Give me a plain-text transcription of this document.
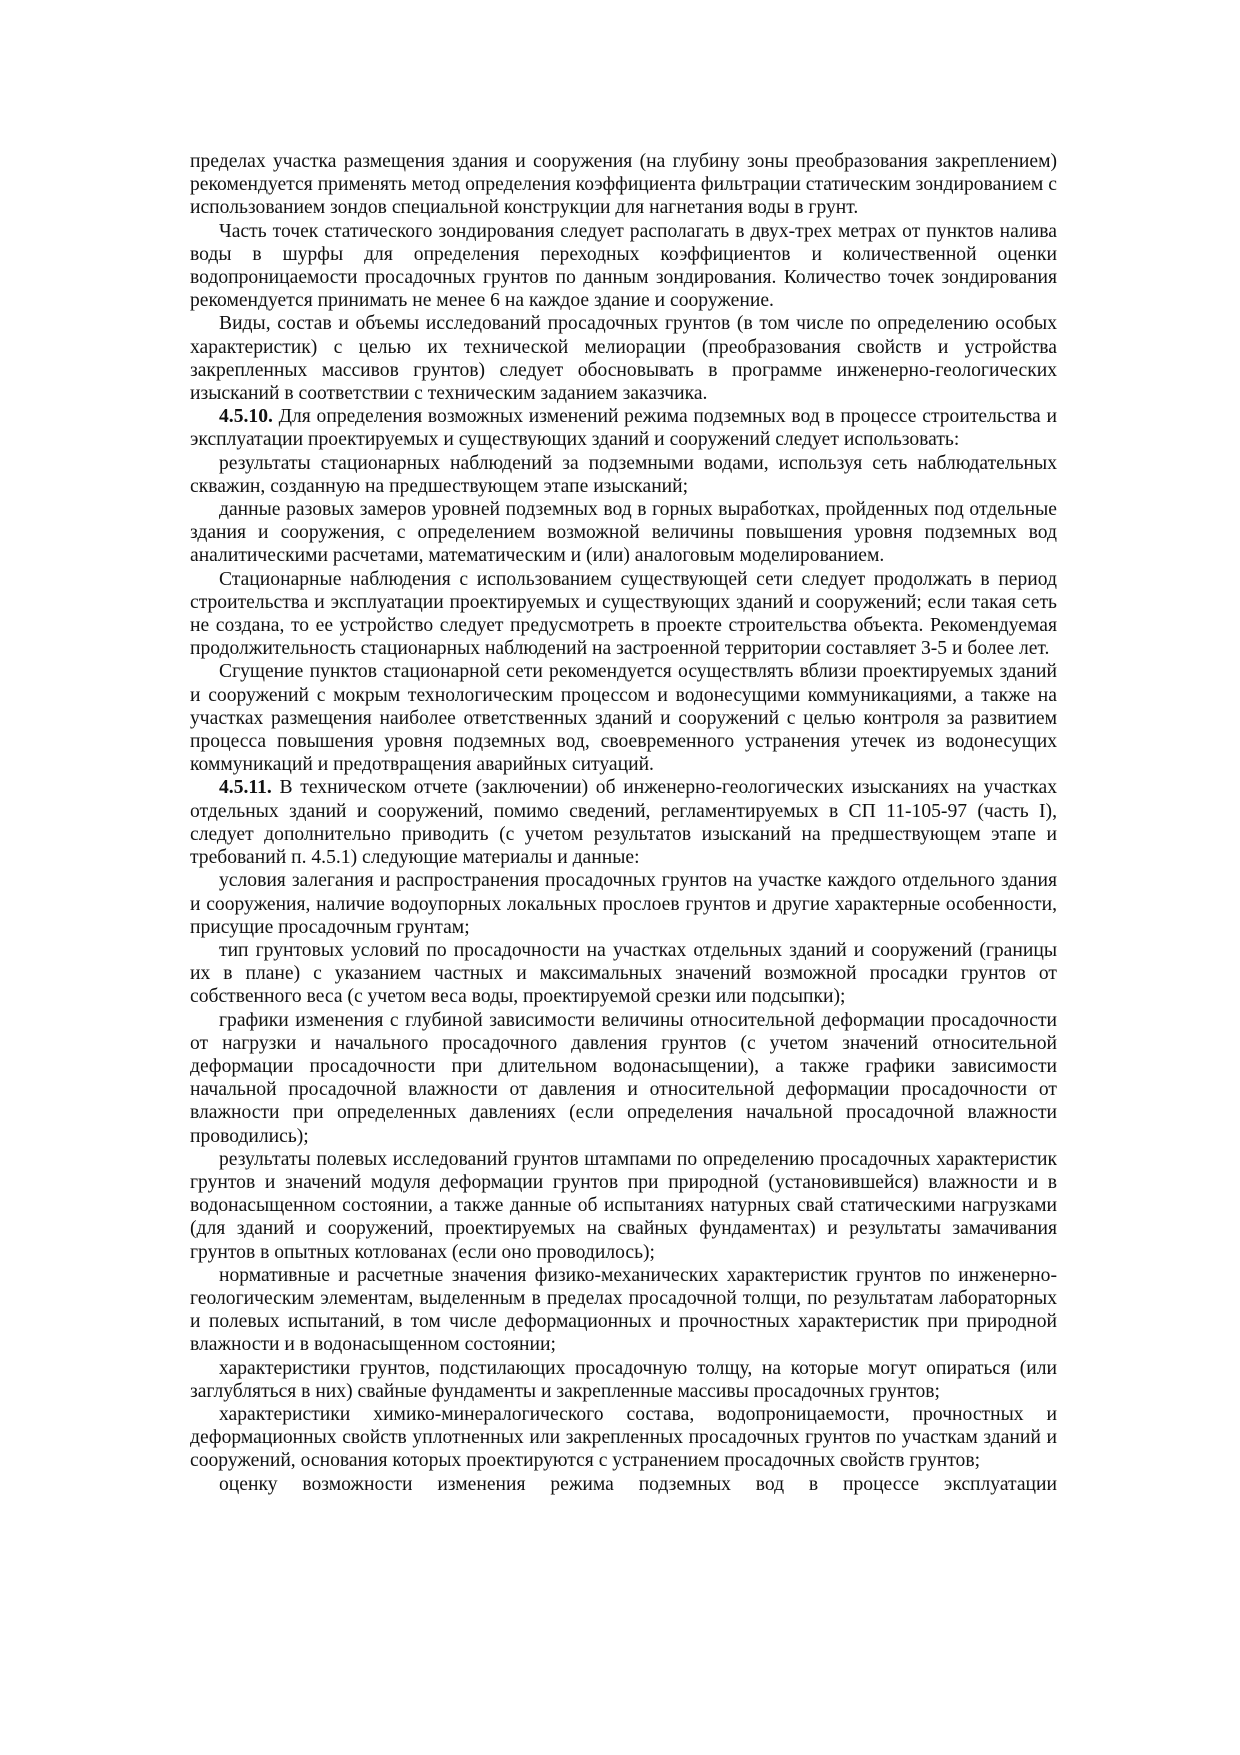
пределах участка размещения здания и сооружения (на глубину зоны преобразования закреплением) рекомендуется применять метод определения коэффициента фильтрации статическим зондированием с использованием зондов специальной конструкции для нагнетания воды в грунт.

Часть точек статического зондирования следует располагать в двух-трех метрах от пунктов налива воды в шурфы для определения переходных коэффициентов и количественной оценки водопроницаемости просадочных грунтов по данным зондирования. Количество точек зондирования рекомендуется принимать не менее 6 на каждое здание и сооружение.

Виды, состав и объемы исследований просадочных грунтов (в том числе по определению особых характеристик) с целью их технической мелиорации (преобразования свойств и устройства закрепленных массивов грунтов) следует обосновывать в программе инженерно-геологических изысканий в соответствии с техническим заданием заказчика.

4.5.10. Для определения возможных изменений режима подземных вод в процессе строительства и эксплуатации проектируемых и существующих зданий и сооружений следует использовать:

результаты стационарных наблюдений за подземными водами, используя сеть наблюдательных скважин, созданную на предшествующем этапе изысканий;

данные разовых замеров уровней подземных вод в горных выработках, пройденных под отдельные здания и сооружения, с определением возможной величины повышения уровня подземных вод аналитическими расчетами, математическим и (или) аналоговым моделированием.

Стационарные наблюдения с использованием существующей сети следует продолжать в период строительства и эксплуатации проектируемых и существующих зданий и сооружений; если такая сеть не создана, то ее устройство следует предусмотреть в проекте строительства объекта. Рекомендуемая продолжительность стационарных наблюдений на застроенной территории составляет 3-5 и более лет.

Сгущение пунктов стационарной сети рекомендуется осуществлять вблизи проектируемых зданий и сооружений с мокрым технологическим процессом и водонесущими коммуникациями, а также на участках размещения наиболее ответственных зданий и сооружений с целью контроля за развитием процесса повышения уровня подземных вод, своевременного устранения утечек из водонесущих коммуникаций и предотвращения аварийных ситуаций.

4.5.11. В техническом отчете (заключении) об инженерно-геологических изысканиях на участках отдельных зданий и сооружений, помимо сведений, регламентируемых в СП 11-105-97 (часть I), следует дополнительно приводить (с учетом результатов изысканий на предшествующем этапе и требований п. 4.5.1) следующие материалы и данные:

условия залегания и распространения просадочных грунтов на участке каждого отдельного здания и сооружения, наличие водоупорных локальных прослоев грунтов и другие характерные особенности, присущие просадочным грунтам;

тип грунтовых условий по просадочности на участках отдельных зданий и сооружений (границы их в плане) с указанием частных и максимальных значений возможной просадки грунтов от собственного веса (с учетом веса воды, проектируемой срезки или подсыпки);

графики изменения с глубиной зависимости величины относительной деформации просадочности от нагрузки и начального просадочного давления грунтов (с учетом значений относительной деформации просадочности при длительном водонасыщении), а также графики зависимости начальной просадочной влажности от давления и относительной деформации просадочности от влажности при определенных давлениях (если определения начальной просадочной влажности проводились);

результаты полевых исследований грунтов штампами по определению просадочных характеристик грунтов и значений модуля деформации грунтов при природной (установившейся) влажности и в водонасыщенном состоянии, а также данные об испытаниях натурных свай статическими нагрузками (для зданий и сооружений, проектируемых на свайных фундаментах) и результаты замачивания грунтов в опытных котлованах (если оно проводилось);

нормативные и расчетные значения физико-механических характеристик грунтов по инженерно-геологическим элементам, выделенным в пределах просадочной толщи, по результатам лабораторных и полевых испытаний, в том числе деформационных и прочностных характеристик при природной влажности и в водонасыщенном состоянии;

характеристики грунтов, подстилающих просадочную толщу, на которые могут опираться (или заглубляться в них) свайные фундаменты и закрепленные массивы просадочных грунтов;

характеристики химико-минералогического состава, водопроницаемости, прочностных и деформационных свойств уплотненных или закрепленных просадочных грунтов по участкам зданий и сооружений, основания которых проектируются с устранением просадочных свойств грунтов;

оценку возможности изменения режима подземных вод в процессе эксплуатации
